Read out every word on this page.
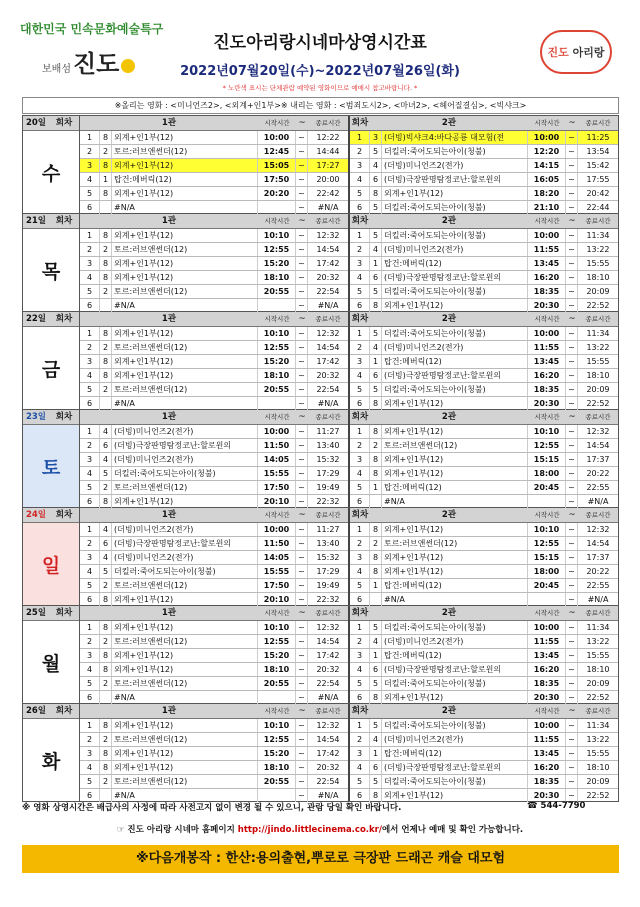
대한민국 민속문화예술특구
보배섬진도
진도아리랑시네마상영시간표
2022년07월20일(수)~2022년07월26일(화)
* 노란색 표시는 단체관람 예약된 영화이므로 예매시 참고바랍니다. *
진도
아리랑
※올리는 영화 : <미니언즈2>, <외계+인1부>※ 내리는 영화 : <범죄도시2>, <마녀2>, <헤어질결심>, <빅샤크>
20일	회차
수
1관	시작시간	~	종료시간
1	8 외계+인1부(12)	10:00	~	12:22
2	2 토르:러브앤썬더(12)	12:45	~	14:44
3	8 외계+인1부(12)	15:05	~	17:27
4	1 탑건:메버릭(12)	17:50	~	20:00
5	8 외계+인1부(12)	20:20	~	22:42
6	#N/A	~	#N/A
회차	2관	시작시간	~	종료시간
1	3 (더빙)빅샤크4:바다공룡 대모험(전	10:00	~	11:25
2	5 더킬러:죽어도되는아이(청불)	12:20	~	13:54
3	4 (더빙)미니언즈2(전가)	14:15	~	15:42
4	6 (더빙)극장판명탐정코난:할로윈의	16:05	~	17:55
5	8 외계+인1부(12)	18:20	~	20:42
6	5 더킬러:죽어도되는아이(청불)	21:10	~	22:44
21일	회차
목
1관	시작시간	~	종료시간
1	8 외계+인1부(12)	10:10	~	12:32
2	2 토르:러브앤썬더(12)	12:55	~	14:54
3	8 외계+인1부(12)	15:20	~	17:42
4	8 외계+인1부(12)	18:10	~	20:32
5	2 토르:러브앤썬더(12)	20:55	~	22:54
6	#N/A	~	#N/A
회차	2관	시작시간	~	종료시간
1	5 더킬러:죽어도되는아이(청불)	10:00	~	11:34
2	4 (더빙)미니언즈2(전가)	11:55	~	13:22
3	1 탑건:메버릭(12)	13:45	~	15:55
4	6 (더빙)극장판명탐정코난:할로윈의	16:20	~	18:10
5	5 더킬러:죽어도되는아이(청불)	18:35	~	20:09
6	8 외계+인1부(12)	20:30	~	22:52
22일	회차
금
1관	시작시간	~	종료시간
1	8 외계+인1부(12)	10:10	~	12:32
2	2 토르:러브앤썬더(12)	12:55	~	14:54
3	8 외계+인1부(12)	15:20	~	17:42
4	8 외계+인1부(12)	18:10	~	20:32
5	2 토르:러브앤썬더(12)	20:55	~	22:54
6	#N/A	~	#N/A
회차	2관	시작시간	~	종료시간
1	5 더킬러:죽어도되는아이(청불)	10:00	~	11:34
2	4 (더빙)미니언즈2(전가)	11:55	~	13:22
3	1 탑건:메버릭(12)	13:45	~	15:55
4	6 (더빙)극장판명탐정코난:할로윈의	16:20	~	18:10
5	5 더킬러:죽어도되는아이(청불)	18:35	~	20:09
6	8 외계+인1부(12)	20:30	~	22:52
23일	회차
토
1관	시작시간	~	종료시간
1	4 (더빙)미니언즈2(전가)	10:00	~	11:27
2	6 (더빙)극장판명탐정코난:할로윈의	11:50	~	13:40
3	4 (더빙)미니언즈2(전가)	14:05	~	15:32
4	5 더킬러:죽어도되는아이(청불)	15:55	~	17:29
5	2 토르:러브앤썬더(12)	17:50	~	19:49
6	8 외계+인1부(12)	20:10	~	22:32
회차	2관	시작시간	~	종료시간
1	8 외계+인1부(12)	10:10	~	12:32
2	2 토르:러브앤썬더(12)	12:55	~	14:54
3	8 외계+인1부(12)	15:15	~	17:37
4	8 외계+인1부(12)	18:00	~	20:22
5	1 탑건:메버릭(12)	20:45	~	22:55
6	#N/A	~	#N/A
24일	회차
일
1관	시작시간	~	종료시간
1	4 (더빙)미니언즈2(전가)	10:00	~	11:27
2	6 (더빙)극장판명탐정코난:할로윈의	11:50	~	13:40
3	4 (더빙)미니언즈2(전가)	14:05	~	15:32
4	5 더킬러:죽어도되는아이(청불)	15:55	~	17:29
5	2 토르:러브앤썬더(12)	17:50	~	19:49
6	8 외계+인1부(12)	20:10	~	22:32
회차	2관	시작시간	~	종료시간
1	8 외계+인1부(12)	10:10	~	12:32
2	2 토르:러브앤썬더(12)	12:55	~	14:54
3	8 외계+인1부(12)	15:15	~	17:37
4	8 외계+인1부(12)	18:00	~	20:22
5	1 탑건:메버릭(12)	20:45	~	22:55
6	#N/A	~	#N/A
25일	회차
월
1관	시작시간	~	종료시간
1	8 외계+인1부(12)	10:10	~	12:32
2	2 토르:러브앤썬더(12)	12:55	~	14:54
3	8 외계+인1부(12)	15:20	~	17:42
4	8 외계+인1부(12)	18:10	~	20:32
5	2 토르:러브앤썬더(12)	20:55	~	22:54
6	#N/A	~	#N/A
회차	2관	시작시간	~	종료시간
1	5 더킬러:죽어도되는아이(청불)	10:00	~	11:34
2	4 (더빙)미니언즈2(전가)	11:55	~	13:22
3	1 탑건:메버릭(12)	13:45	~	15:55
4	6 (더빙)극장판명탐정코난:할로윈의	16:20	~	18:10
5	5 더킬러:죽어도되는아이(청불)	18:35	~	20:09
6	8 외계+인1부(12)	20:30	~	22:52
26일	회차
화
1관	시작시간	~	종료시간
1	8 외계+인1부(12)	10:10	~	12:32
2	2 토르:러브앤썬더(12)	12:55	~	14:54
3	8 외계+인1부(12)	15:20	~	17:42
4	8 외계+인1부(12)	18:10	~	20:32
5	2 토르:러브앤썬더(12)	20:55	~	22:54
6	#N/A	~	#N/A
회차	2관	시작시간	~	종료시간
1	5 더킬러:죽어도되는아이(청불)	10:00	~	11:34
2	4 (더빙)미니언즈2(전가)	11:55	~	13:22
3	1 탑건:메버릭(12)	13:45	~	15:55
4	6 (더빙)극장판명탐정코난:할로윈의	16:20	~	18:10
5	5 더킬러:죽어도되는아이(청불)	18:35	~	20:09
6	8 외계+인1부(12)	20:30	~	22:52
※ 영화 상영시간은 배급사의 사정에 따라 사전고지 없이 변경 될 수 있으니, 관람 당일 확인 바랍니다.	☎ 544-7790
☞ 진도 아리랑 시네마 홈페이지 http://jindo.littlecinema.co.kr/에서 언제나 예매 및 확인 가능합니다.
※다음개봉작 : 한산:용의출현,뿌로로 극장판 드래곤 캐슬 대모험
